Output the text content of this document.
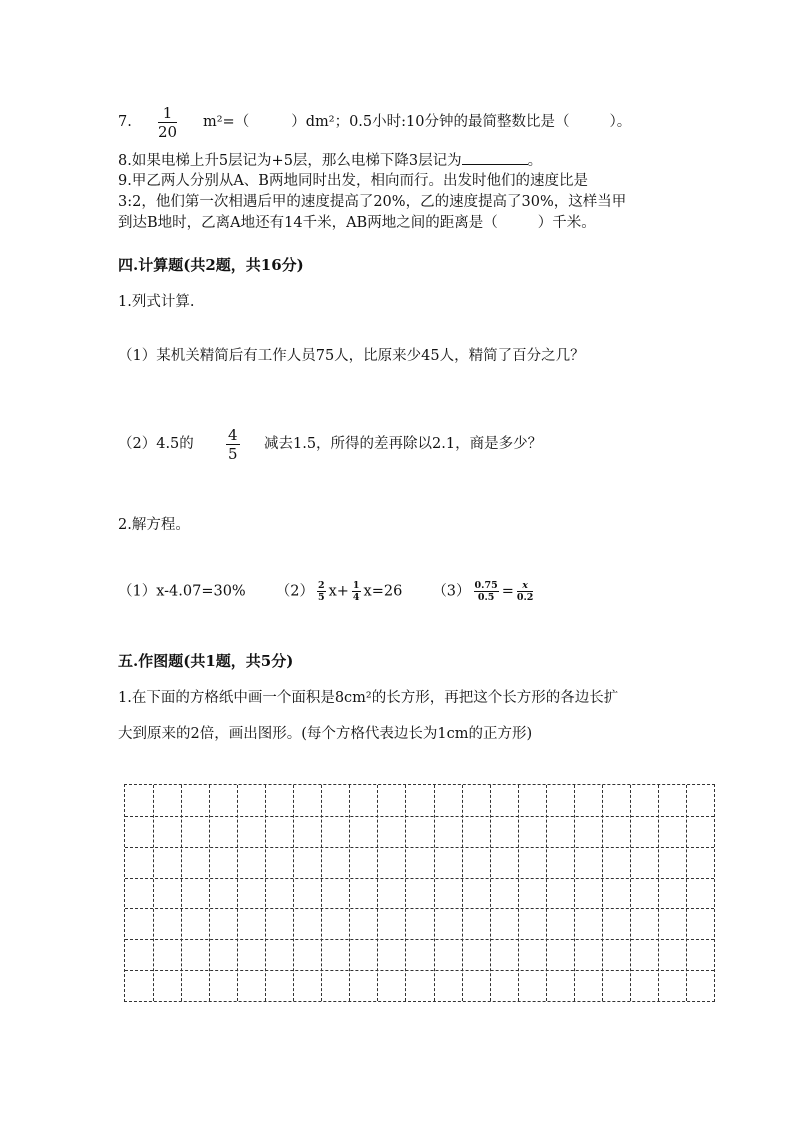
7. $\frac{1}{20} m^2=$（	）dm²；0.5小时:10分钟的最简整数比是（	）。
8.如果电梯上升5层记为+5层，那么电梯下降3层记为	。
9.甲乙两人分别从A、B两地同时出发，相向而行。出发时他们的速度比是
3:2，他们第一次相遇后甲的速度提高了20%，乙的速度提高了30%，这样当甲
到达B地时，乙离A地还有14千米，AB两地之间的距离是（	）千米。
四.计算题(共2题，共16分)
1.列式计算.
（1）某机关精简后有工作人员75人，比原来少45人，精简了百分之几？
（2）4.5的 $\frac{4}{5}$ 减去1.5，所得的差再除以2.1，商是多少？
2.解方程。
（1）x-4.07=30% $(2) \frac{2}{5} x+ \frac{1}{4} x=26$ $(3) \frac{0.75}{0.5} = \frac{x}{0.2}$
五.作图题(共1题，共5分)
1.在下面的方格纸中画一个面积是8cm²的长方形，再把这个长方形的各边长扩
大到原来的2倍，画出图形。(每个方格代表边长为1cm的正方形)
